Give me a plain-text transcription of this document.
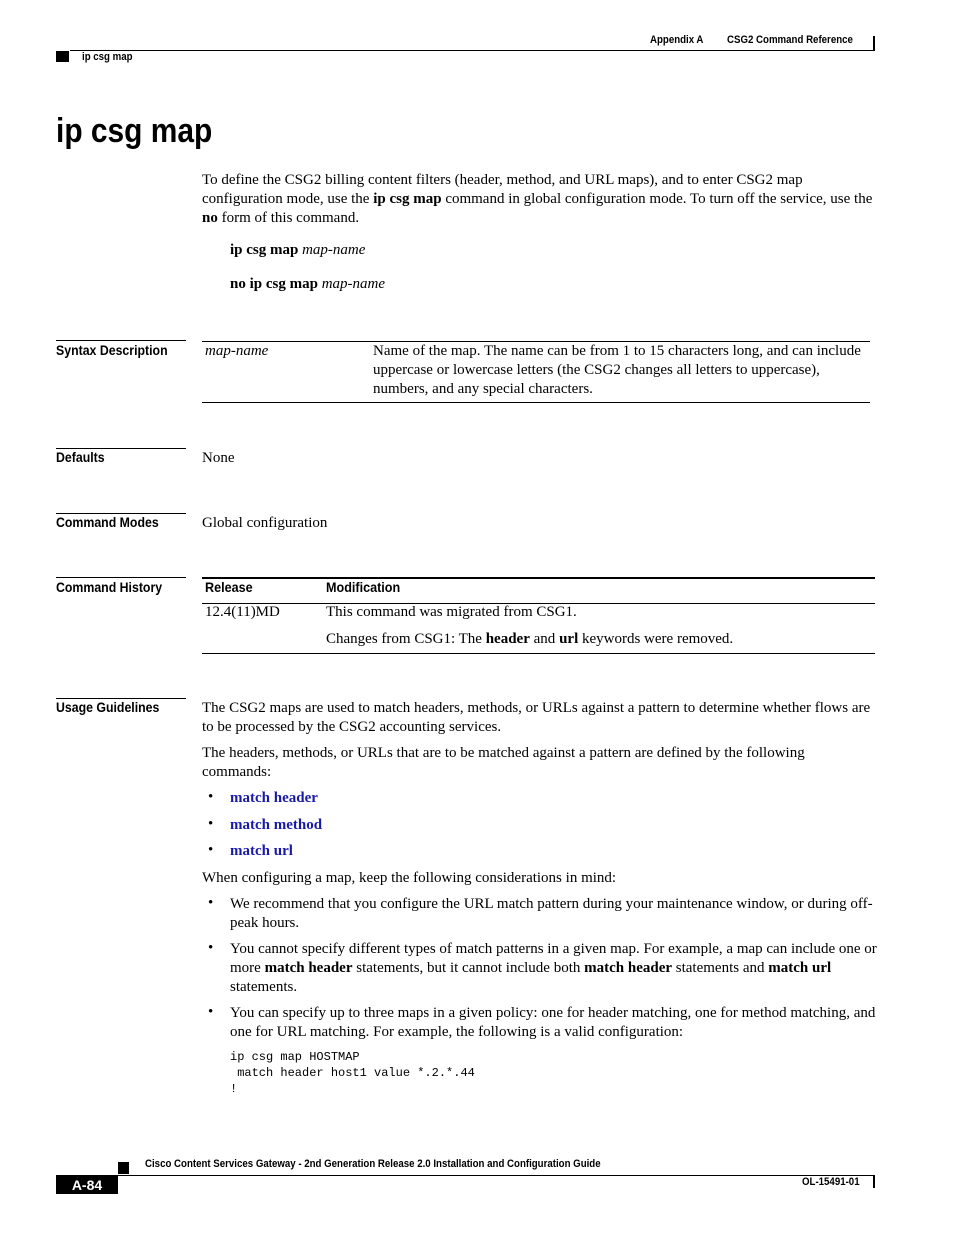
Appendix A CSG2 Command Reference
ip csg map
ip csg map
To define the CSG2 billing content filters (header, method, and URL maps), and to enter CSG2 map configuration mode, use the ip csg map command in global configuration mode. To turn off the service, use the no form of this command.
ip csg map map-name
no ip csg map map-name
Syntax Description	map-name	Name of the map. The name can be from 1 to 15 characters long, and can include uppercase or lowercase letters (the CSG2 changes all letters to uppercase), numbers, and any special characters.
Defaults	None
Command Modes	Global configuration
Command History	Release	Modification
12.4(11)MD	This command was migrated from CSG1.
Changes from CSG1: The header and url keywords were removed.
Usage Guidelines	The CSG2 maps are used to match headers, methods, or URLs against a pattern to determine whether flows are to be processed by the CSG2 accounting services.
The headers, methods, or URLs that are to be matched against a pattern are defined by the following commands:
• match header
• match method
• match url
When configuring a map, keep the following considerations in mind:
• We recommend that you configure the URL match pattern during your maintenance window, or during off-peak hours.
• You cannot specify different types of match patterns in a given map. For example, a map can include one or more match header statements, but it cannot include both match header statements and match url statements.
• You can specify up to three maps in a given policy: one for header matching, one for method matching, and one for URL matching. For example, the following is a valid configuration:
ip csg map HOSTMAP
match header host1 value *.2.*.44
!
Cisco Content Services Gateway - 2nd Generation Release 2.0 Installation and Configuration Guide
A-84	OL-15491-01
